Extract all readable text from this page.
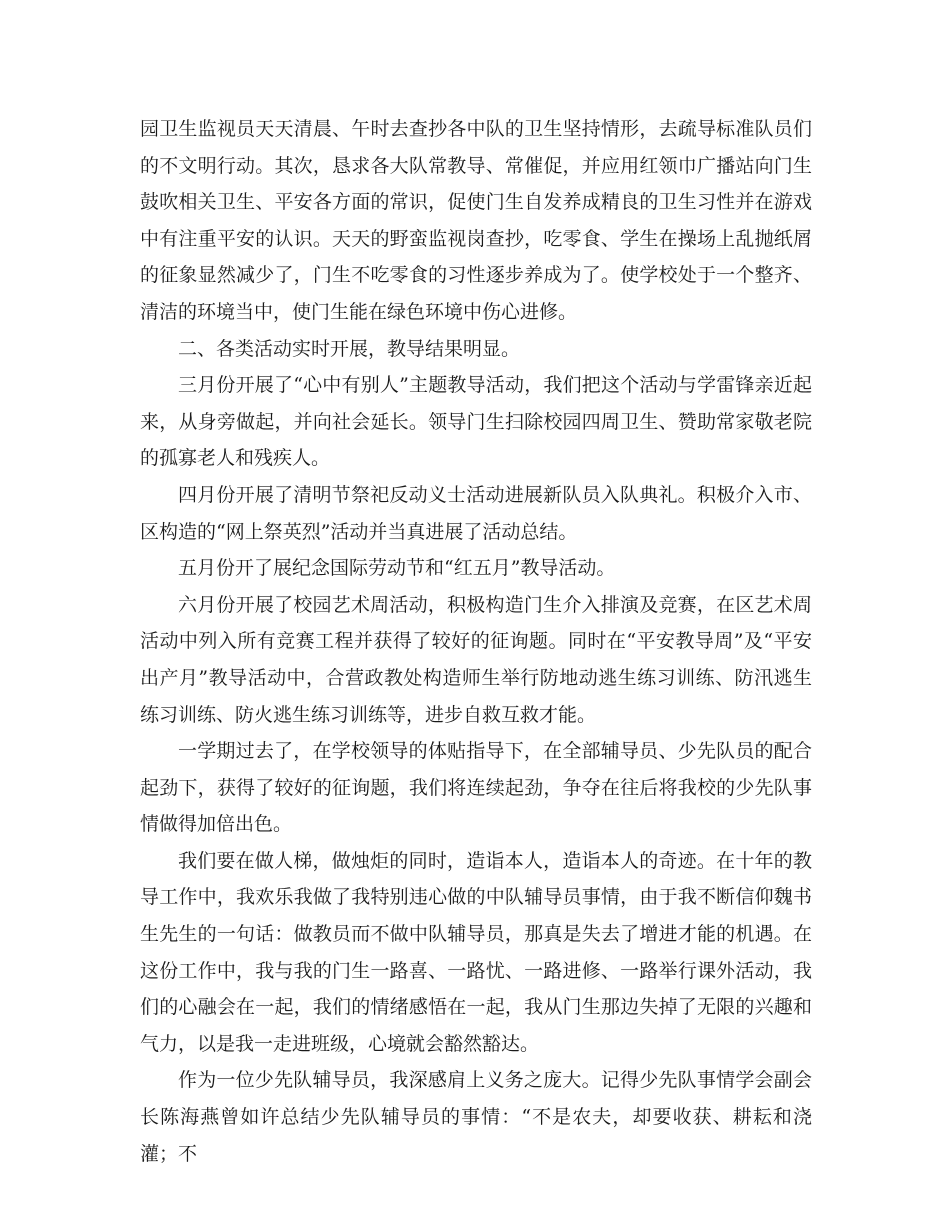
园卫生监视员天天清晨、午时去查抄各中队的卫生坚持情形，去疏导标准队员们的不文明行动。其次，恳求各大队常教导、常催促，并应用红领巾广播站向门生鼓吹相关卫生、平安各方面的常识，促使门生自发养成精良的卫生习性并在游戏中有注重平安的认识。天天的野蛮监视岗查抄，吃零食、学生在操场上乱抛纸屑的征象显然减少了，门生不吃零食的习性逐步养成为了。使学校处于一个整齐、清洁的环境当中，使门生能在绿色环境中伤心进修。

二、各类活动实时开展，教导结果明显。

三月份开展了“心中有别人”主题教导活动，我们把这个活动与学雷锋亲近起来，从身旁做起，并向社会延长。领导门生扫除校园四周卫生、赞助常家敬老院的孤寡老人和残疾人。

四月份开展了清明节祭祀反动义士活动进展新队员入队典礼。积极介入市、区构造的“网上祭英烈”活动并当真进展了活动总结。

五月份开了展纪念国际劳动节和“红五月”教导活动。

六月份开展了校园艺术周活动，积极构造门生介入排演及竞赛，在区艺术周活动中列入所有竞赛工程并获得了较好的征询题。同时在“平安教导周”及“平安出产月”教导活动中，合营政教处构造师生举行防地动逃生练习训练、防汛逃生练习训练、防火逃生练习训练等，进步自救互救才能。

一学期过去了，在学校领导的体贴指导下，在全部辅导员、少先队员的配合起劲下，获得了较好的征询题，我们将连续起劲，争夺在往后将我校的少先队事情做得加倍出色。

我们要在做人梯，做烛炬的同时，造诣本人，造诣本人的奇迹。在十年的教导工作中，我欢乐我做了我特别违心做的中队辅导员事情，由于我不断信仰魏书生先生的一句话：做教员而不做中队辅导员，那真是失去了增进才能的机遇。在这份工作中，我与我的门生一路喜、一路忧、一路进修、一路举行课外活动，我们的心融会在一起，我们的情绪感悟在一起，我从门生那边失掉了无限的兴趣和气力，以是我一走进班级，心境就会豁然豁达。

作为一位少先队辅导员，我深感肩上义务之庞大。记得少先队事情学会副会长陈海燕曾如许总结少先队辅导员的事情：“不是农夫，却要收获、耕耘和浇灌；不
